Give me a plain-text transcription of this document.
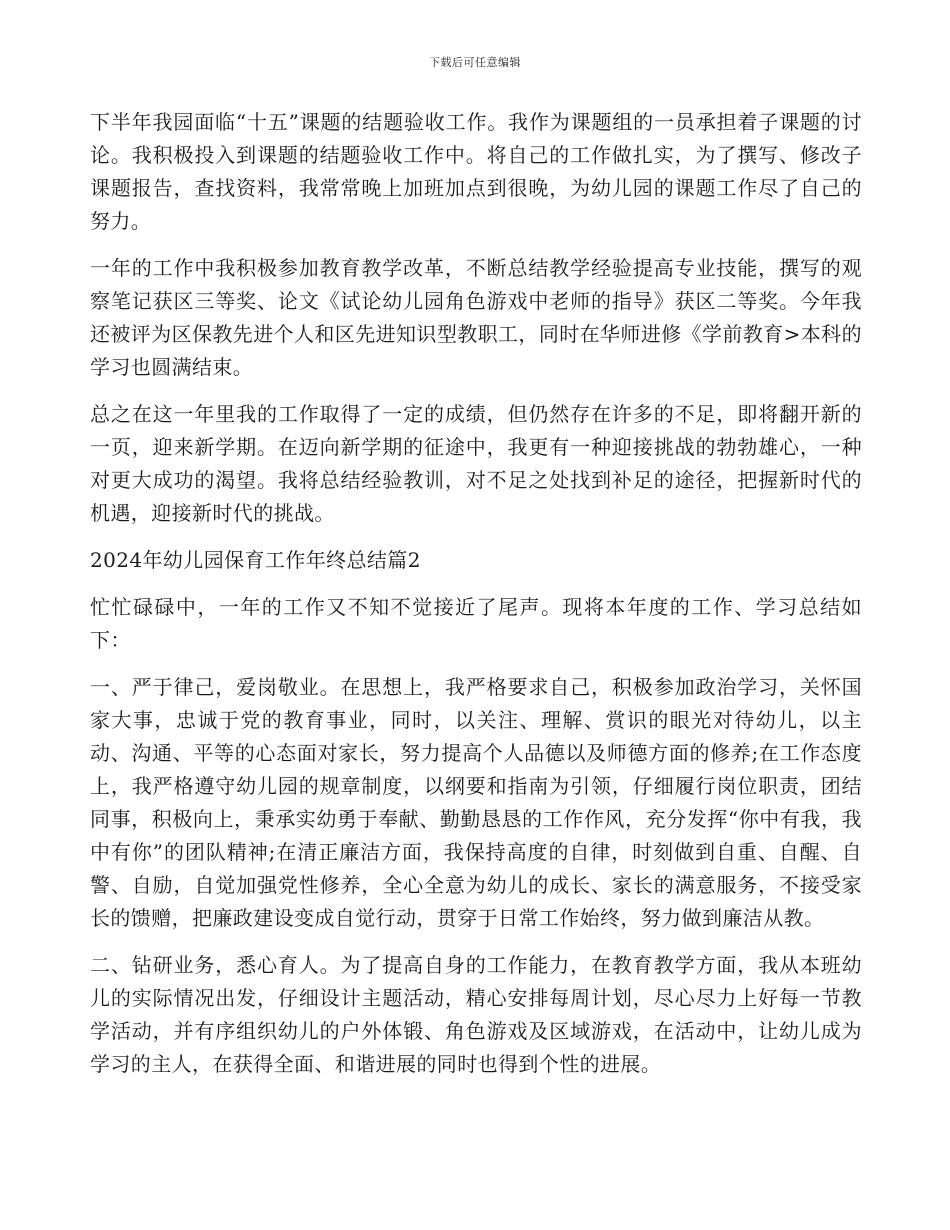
下载后可任意编辑

下半年我园面临“十五”课题的结题验收工作。我作为课题组的一员承担着子课题的讨论。我积极投入到课题的结题验收工作中。将自己的工作做扎实，为了撰写、修改子课题报告，查找资料，我常常晚上加班加点到很晚，为幼儿园的课题工作尽了自己的努力。

一年的工作中我积极参加教育教学改革，不断总结教学经验提高专业技能，撰写的观察笔记获区三等奖、论文《试论幼儿园角色游戏中老师的指导》获区二等奖。今年我还被评为区保教先进个人和区先进知识型教职工，同时在华师进修《学前教育>本科的学习也圆满结束。

总之在这一年里我的工作取得了一定的成绩，但仍然存在许多的不足，即将翻开新的一页，迎来新学期。在迈向新学期的征途中，我更有一种迎接挑战的勃勃雄心，一种对更大成功的渴望。我将总结经验教训，对不足之处找到补足的途径，把握新时代的机遇，迎接新时代的挑战。

2024年幼儿园保育工作年终总结篇2

忙忙碌碌中，一年的工作又不知不觉接近了尾声。现将本年度的工作、学习总结如下：

一、严于律己，爱岗敬业。在思想上，我严格要求自己，积极参加政治学习，关怀国家大事，忠诚于党的教育事业，同时，以关注、理解、赏识的眼光对待幼儿，以主动、沟通、平等的心态面对家长，努力提高个人品德以及师德方面的修养;在工作态度上，我严格遵守幼儿园的规章制度，以纲要和指南为引领，仔细履行岗位职责，团结同事，积极向上，秉承实幼勇于奉献、勤勤恳恳的工作作风，充分发挥“你中有我，我中有你”的团队精神;在清正廉洁方面，我保持高度的自律，时刻做到自重、自醒、自警、自励，自觉加强党性修养，全心全意为幼儿的成长、家长的满意服务，不接受家长的馈赠，把廉政建设变成自觉行动，贯穿于日常工作始终，努力做到廉洁从教。

二、钻研业务，悉心育人。为了提高自身的工作能力，在教育教学方面，我从本班幼儿的实际情况出发，仔细设计主题活动，精心安排每周计划，尽心尽力上好每一节教学活动，并有序组织幼儿的户外体锻、角色游戏及区域游戏，在活动中，让幼儿成为学习的主人，在获得全面、和谐进展的同时也得到个性的进展。
